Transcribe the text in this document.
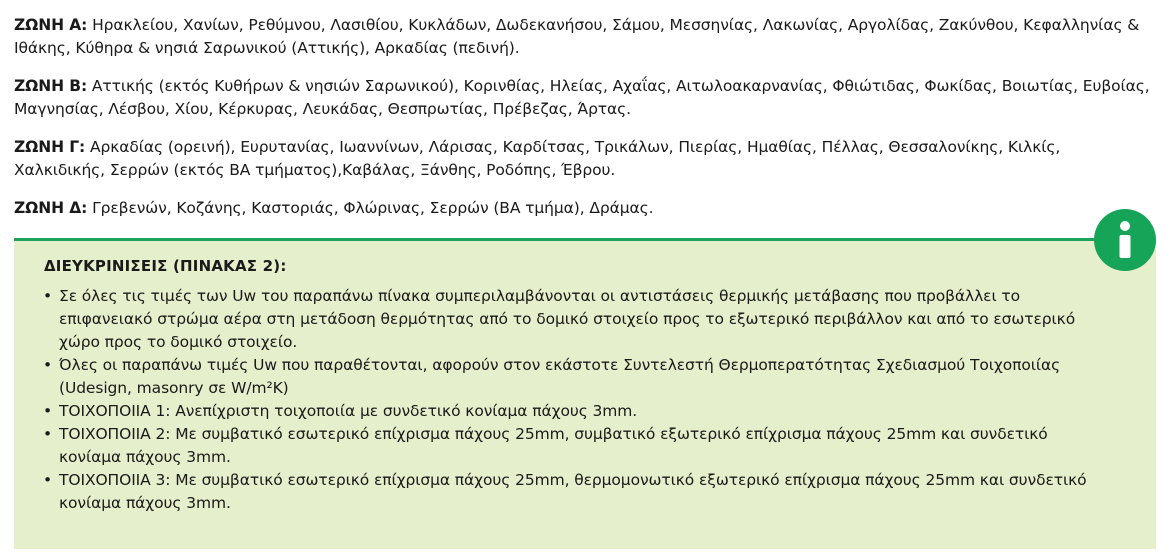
ΖΩΝΗ Α: Ηρακλείου, Χανίων, Ρεθύμνου, Λασιθίου, Κυκλάδων, Δωδεκανήσου, Σάμου, Μεσσηνίας, Λακωνίας, Αργολίδας, Ζακύνθου, Κεφαλληνίας & Ιθάκης, Κύθηρα & νησιά Σαρωνικού (Αττικής), Αρκαδίας (πεδινή).

ΖΩΝΗ Β: Αττικής (εκτός Κυθήρων & νησιών Σαρωνικού), Κορινθίας, Ηλείας, Αχαΐας, Αιτωλοακαρνανίας, Φθιώτιδας, Φωκίδας, Βοιωτίας, Ευβοίας, Μαγνησίας, Λέσβου, Χίου, Κέρκυρας, Λευκάδας, Θεσπρωτίας, Πρέβεζας, Άρτας.

ΖΩΝΗ Γ: Αρκαδίας (ορεινή), Ευρυτανίας, Ιωαννίνων, Λάρισας, Καρδίτσας, Τρικάλων, Πιερίας, Ημαθίας, Πέλλας, Θεσσαλονίκης, Κιλκίς, Χαλκιδικής, Σερρών (εκτός ΒΑ τμήματος),Καβάλας, Ξάνθης, Ροδόπης, Έβρου.

ΖΩΝΗ Δ: Γρεβενών, Κοζάνης, Καστοριάς, Φλώρινας, Σερρών (ΒΑ τμήμα), Δράμας.

ΔΙΕΥΚΡΙΝΙΣΕΙΣ (ΠΙΝΑΚΑΣ 2):
• Σε όλες τις τιμές των Uw του παραπάνω πίνακα συμπεριλαμβάνονται οι αντιστάσεις θερμικής μετάβασης που προβάλλει το επιφανειακό στρώμα αέρα στη μετάδοση θερμότητας από το δομικό στοιχείο προς το εξωτερικό περιβάλλον και από το εσωτερικό χώρο προς το δομικό στοιχείο.
• Όλες οι παραπάνω τιμές Uw που παραθέτονται, αφορούν στον εκάστοτε Συντελεστή Θερμοπερατότητας Σχεδιασμού Τοιχοποιίας (Udesign, masonry σε W/m²K)
• ΤΟΙΧΟΠΟΙΙΑ 1: Ανεπίχριστη τοιχοποιία με συνδετικό κονίαμα πάχους 3mm.
• ΤΟΙΧΟΠΟΙΙΑ 2: Με συμβατικό εσωτερικό επίχρισμα πάχους 25mm, συμβατικό εξωτερικό επίχρισμα πάχους 25mm και συνδετικό κονίαμα πάχους 3mm.
• ΤΟΙΧΟΠΟΙΙΑ 3: Με συμβατικό εσωτερικό επίχρισμα πάχους 25mm, θερμομονωτικό εξωτερικό επίχρισμα πάχους 25mm και συνδετικό κονίαμα πάχους 3mm.
